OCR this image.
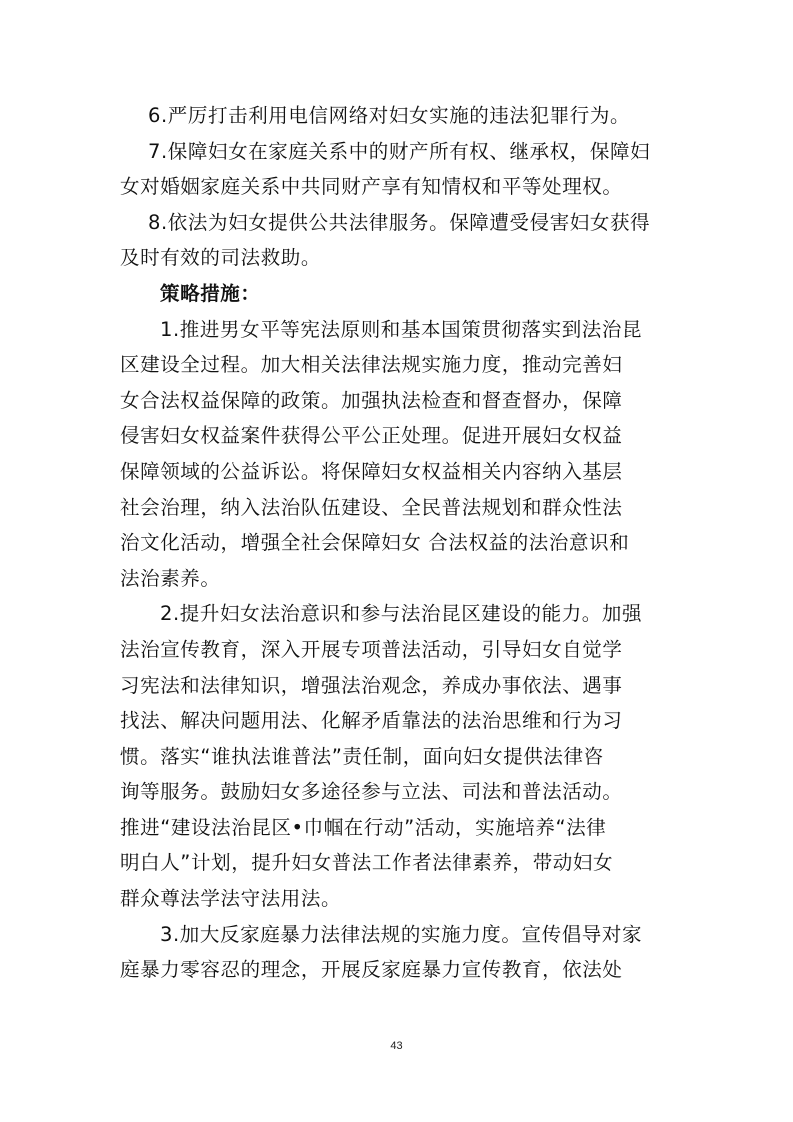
6.严厉打击利用电信网络对妇女实施的违法犯罪行为。
7.保障妇女在家庭关系中的财产所有权、继承权，保障妇
女对婚姻家庭关系中共同财产享有知情权和平等处理权。
8.依法为妇女提供公共法律服务。保障遭受侵害妇女获得
及时有效的司法救助。
策略措施：
1.推进男女平等宪法原则和基本国策贯彻落实到法治昆
区建设全过程。加大相关法律法规实施力度，推动完善妇
女合法权益保障的政策。加强执法检查和督查督办，保障
侵害妇女权益案件获得公平公正处理。促进开展妇女权益
保障领域的公益诉讼。将保障妇女权益相关内容纳入基层
社会治理，纳入法治队伍建设、全民普法规划和群众性法
治文化活动，增强全社会保障妇女 合法权益的法治意识和
法治素养。
2.提升妇女法治意识和参与法治昆区建设的能力。加强
法治宣传教育，深入开展专项普法活动，引导妇女自觉学
习宪法和法律知识，增强法治观念，养成办事依法、遇事
找法、解决问题用法、化解矛盾靠法的法治思维和行为习
惯。落实“谁执法谁普法”责任制，面向妇女提供法律咨
询等服务。鼓励妇女多途径参与立法、司法和普法活动。
推进“建设法治昆区•巾帼在行动”活动，实施培养“法律
明白人”计划，提升妇女普法工作者法律素养，带动妇女
群众尊法学法守法用法。
3.加大反家庭暴力法律法规的实施力度。宣传倡导对家
庭暴力零容忍的理念，开展反家庭暴力宣传教育，依法处
43
